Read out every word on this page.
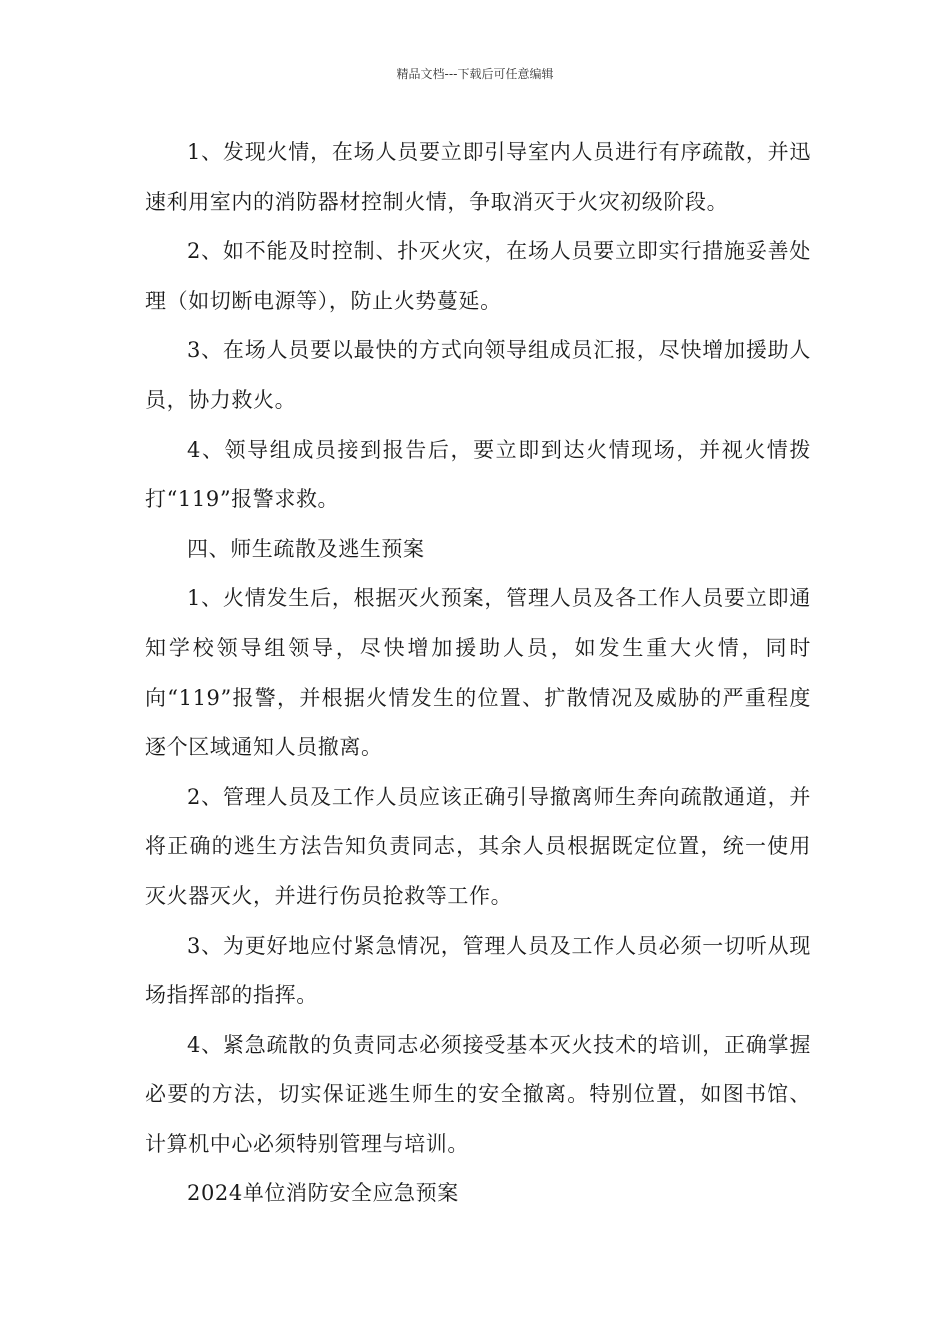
精品文档---下载后可任意编辑

1、发现火情，在场人员要立即引导室内人员进行有序疏散，并迅速利用室内的消防器材控制火情，争取消灭于火灾初级阶段。

2、如不能及时控制、扑灭火灾，在场人员要立即实行措施妥善处理（如切断电源等），防止火势蔓延。

3、在场人员要以最快的方式向领导组成员汇报，尽快增加援助人员，协力救火。

4、领导组成员接到报告后，要立即到达火情现场，并视火情拨打“119”报警求救。

四、师生疏散及逃生预案

1、火情发生后，根据灭火预案，管理人员及各工作人员要立即通知学校领导组领导，尽快增加援助人员，如发生重大火情，同时向“119”报警，并根据火情发生的位置、扩散情况及威胁的严重程度逐个区域通知人员撤离。

2、管理人员及工作人员应该正确引导撤离师生奔向疏散通道，并将正确的逃生方法告知负责同志，其余人员根据既定位置，统一使用灭火器灭火，并进行伤员抢救等工作。

3、为更好地应付紧急情况，管理人员及工作人员必须一切听从现场指挥部的指挥。

4、紧急疏散的负责同志必须接受基本灭火技术的培训，正确掌握必要的方法，切实保证逃生师生的安全撤离。特别位置，如图书馆、计算机中心必须特别管理与培训。

2024单位消防安全应急预案
